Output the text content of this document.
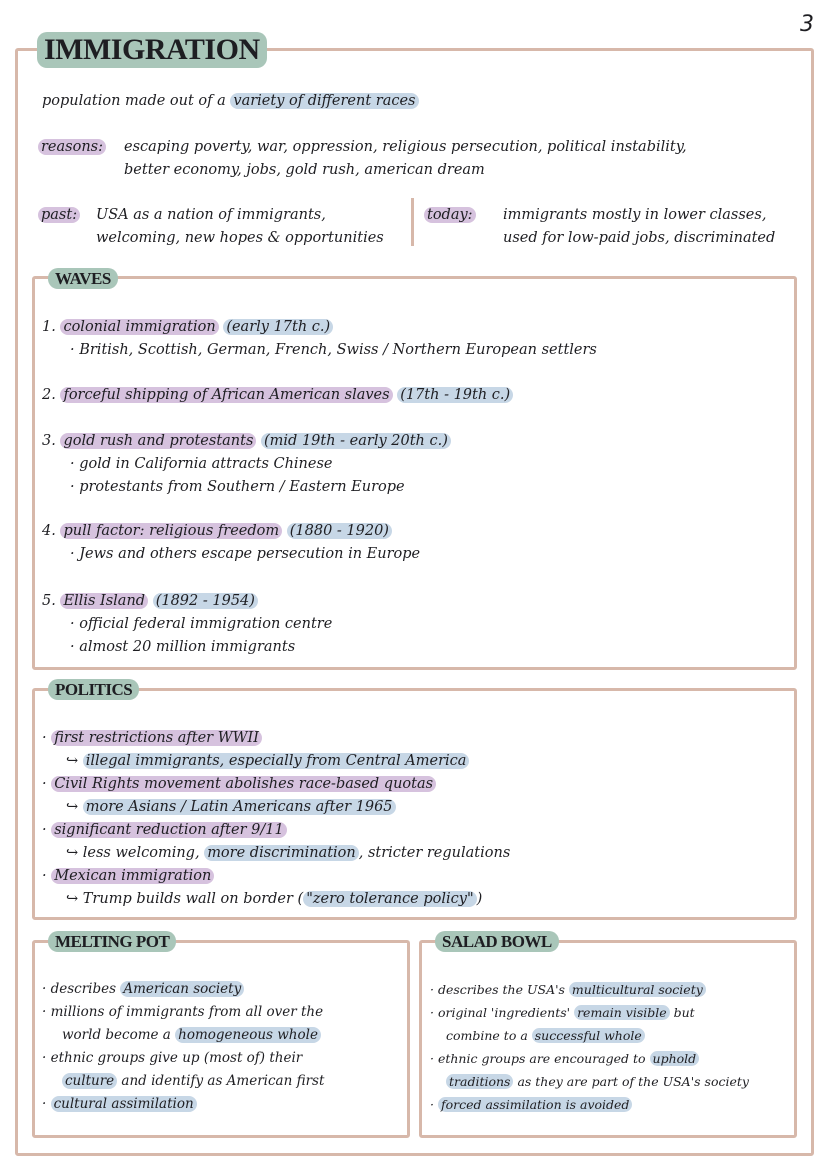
3
IMMIGRATION
population made out of a variety of different races
reasons: escaping poverty, war, oppression, religious persecution, political instability,
better economy, jobs, gold rush, american dream
past: USA as a nation of immigrants,
welcoming, new hopes & opportunities
today: immigrants mostly in lower classes,
used for low-paid jobs, discriminated
WAVES
1. colonial immigration (early 17th c.)
· British, Scottish, German, French, Swiss / Northern European settlers
2. forceful shipping of African American slaves (17th - 19th c.)
3. gold rush and protestants (mid 19th - early 20th c.)
· gold in California attracts Chinese
· protestants from Southern / Eastern Europe
4. pull factor: religious freedom (1880 - 1920)
· Jews and others escape persecution in Europe
5. Ellis Island (1892 - 1954)
· official federal immigration centre
· almost 20 million immigrants
POLITICS
· first restrictions after WWII
↪ illegal immigrants, especially from Central America
· Civil Rights movement abolishes race-based quotas
↪ more Asians / Latin Americans after 1965
· significant reduction after 9/11
↪ less welcoming, more discrimination , stricter regulations
· Mexican immigration
↪ Trump builds wall on border ( "zero tolerance policy" )
MELTING POT
· describes American society
· millions of immigrants from all over the
world become a homogeneous whole
· ethnic groups give up (most of) their
culture and identify as American first
· cultural assimilation
SALAD BOWL
· describes the USA's multicultural society
· original 'ingredients' remain visible but
combine to a successful whole
· ethnic groups are encouraged to uphold
traditions as they are part of the USA's society
· forced assimilation is avoided
